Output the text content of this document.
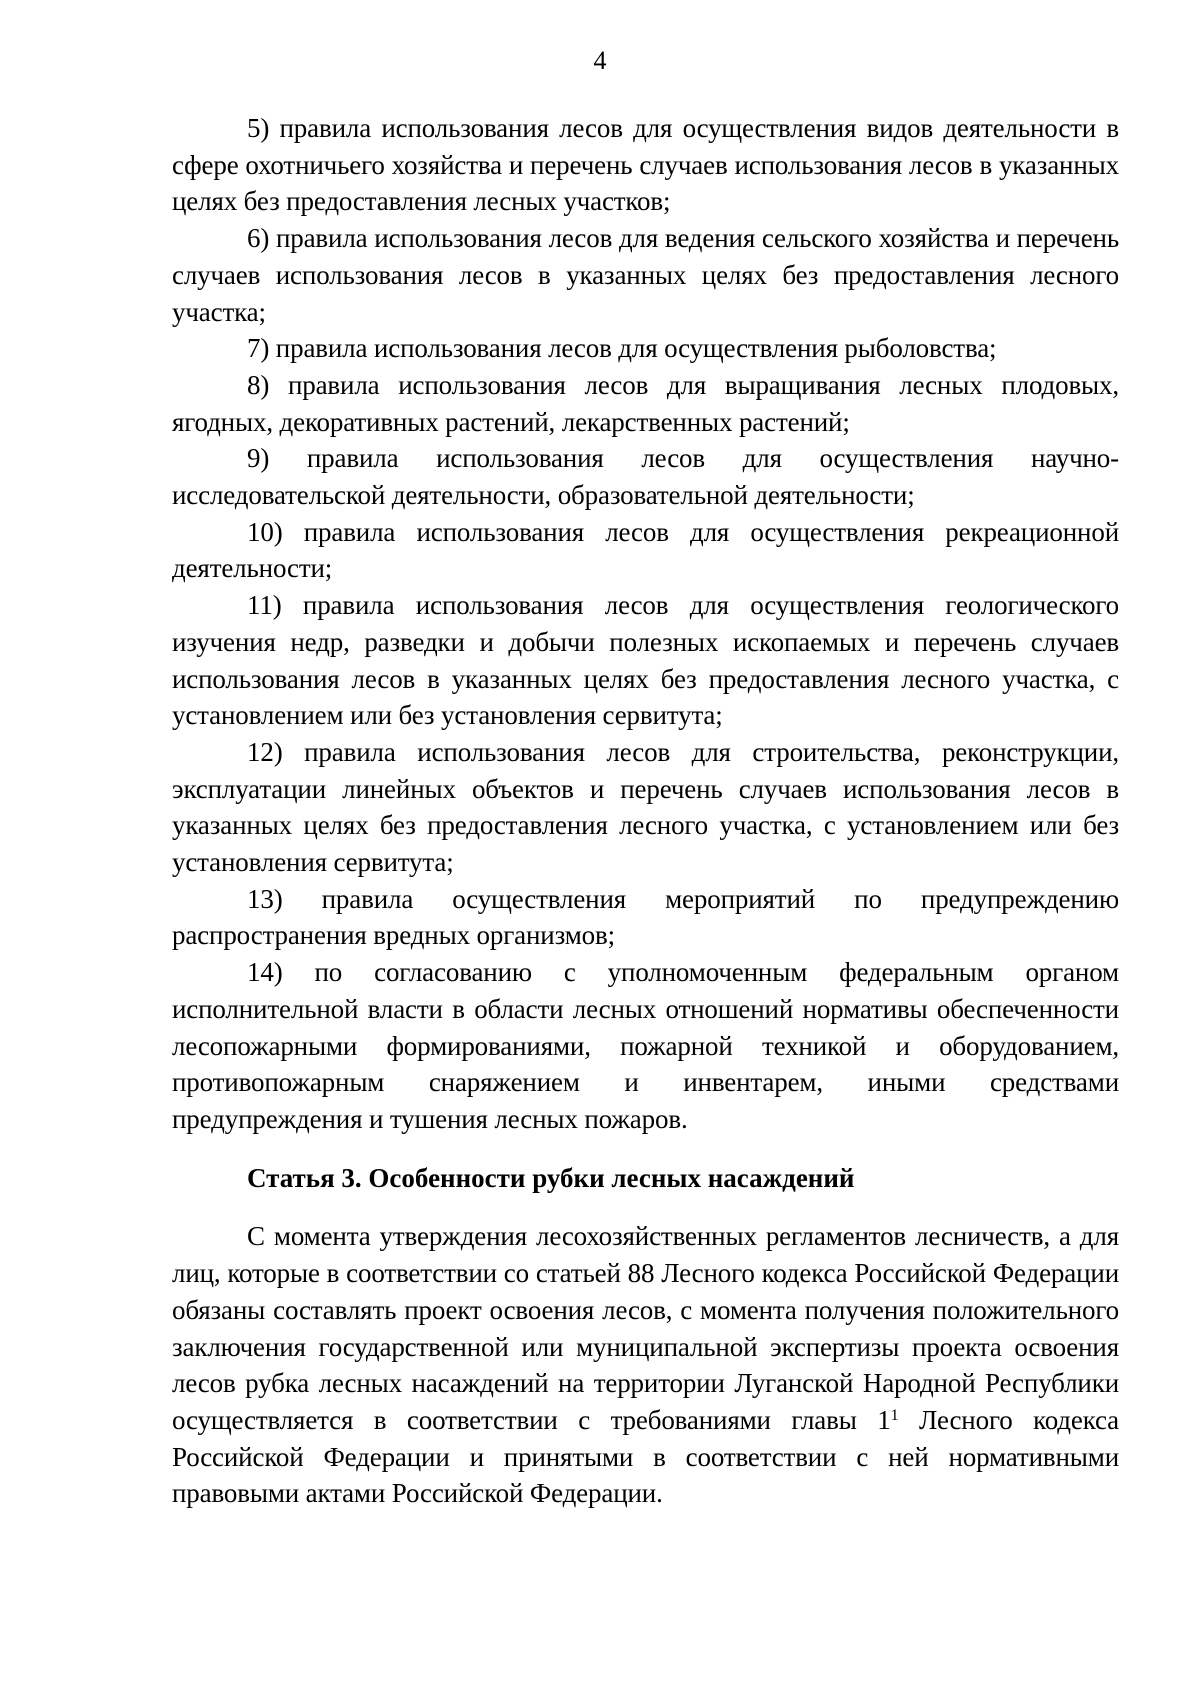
4

5) правила использования лесов для осуществления видов деятельности в сфере охотничьего хозяйства и перечень случаев использования лесов в указанных целях без предоставления лесных участков;

6) правила использования лесов для ведения сельского хозяйства и перечень случаев использования лесов в указанных целях без предоставления лесного участка;

7) правила использования лесов для осуществления рыболовства;

8) правила использования лесов для выращивания лесных плодовых, ягодных, декоративных растений, лекарственных растений;

9) правила использования лесов для осуществления научно-исследовательской деятельности, образовательной деятельности;

10) правила использования лесов для осуществления рекреационной деятельности;

11) правила использования лесов для осуществления геологического изучения недр, разведки и добычи полезных ископаемых и перечень случаев использования лесов в указанных целях без предоставления лесного участка, с установлением или без установления сервитута;

12) правила использования лесов для строительства, реконструкции, эксплуатации линейных объектов и перечень случаев использования лесов в указанных целях без предоставления лесного участка, с установлением или без установления сервитута;

13) правила осуществления мероприятий по предупреждению распространения вредных организмов;

14) по согласованию с уполномоченным федеральным органом исполнительной власти в области лесных отношений нормативы обеспеченности лесопожарными формированиями, пожарной техникой и оборудованием, противопожарным снаряжением и инвентарем, иными средствами предупреждения и тушения лесных пожаров.

Статья 3. Особенности рубки лесных насаждений

С момента утверждения лесохозяйственных регламентов лесничеств, а для лиц, которые в соответствии со статьей 88 Лесного кодекса Российской Федерации обязаны составлять проект освоения лесов, с момента получения положительного заключения государственной или муниципальной экспертизы проекта освоения лесов рубка лесных насаждений на территории Луганской Народной Республики осуществляется в соответствии с требованиями главы $1^1$ Лесного кодекса Российской Федерации и принятыми в соответствии с ней нормативными правовыми актами Российской Федерации.
